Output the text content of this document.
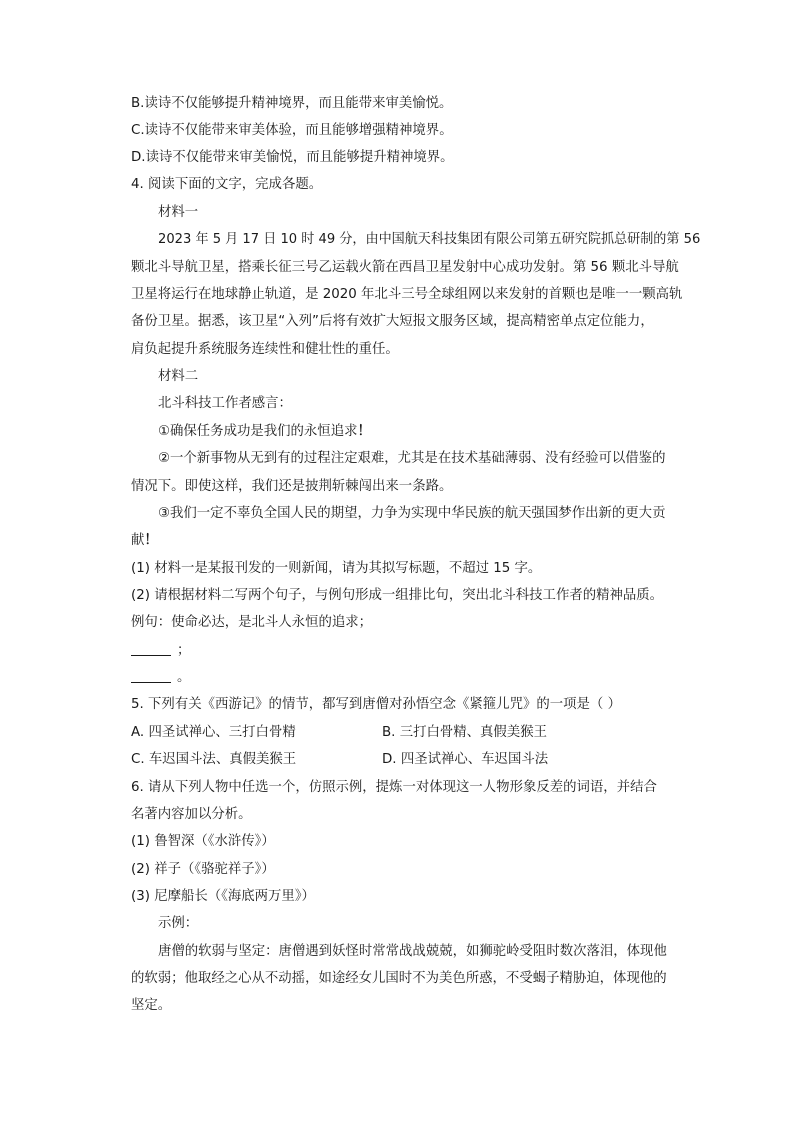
B.读诗不仅能够提升精神境界，而且能带来审美愉悦。
C.读诗不仅能带来审美体验，而且能够增强精神境界。
D.读诗不仅能带来审美愉悦，而且能够提升精神境界。
4. 阅读下面的文字，完成各题。
材料一
2023 年 5 月 17 日 10 时 49 分，由中国航天科技集团有限公司第五研究院抓总研制的第 56
颗北斗导航卫星，搭乘长征三号乙运载火箭在西昌卫星发射中心成功发射。第 56 颗北斗导航
卫星将运行在地球静止轨道，是 2020 年北斗三号全球组网以来发射的首颗也是唯一一颗高轨
备份卫星。据悉，该卫星“入列”后将有效扩大短报文服务区域，提高精密单点定位能力，
肩负起提升系统服务连续性和健壮性的重任。
材料二
北斗科技工作者感言：
①确保任务成功是我们的永恒追求！
②一个新事物从无到有的过程注定艰难，尤其是在技术基础薄弱、没有经验可以借鉴的
情况下。即使这样，我们还是披荆斩棘闯出来一条路。
③我们一定不辜负全国人民的期望，力争为实现中华民族的航天强国梦作出新的更大贡
献！
(1) 材料一是某报刊发的一则新闻，请为其拟写标题，不超过 15 字。
(2) 请根据材料二写两个句子，与例句形成一组排比句，突出北斗科技工作者的精神品质。
例句：使命必达，是北斗人永恒的追求；
；
。
5. 下列有关《西游记》的情节，都写到唐僧对孙悟空念《紧箍儿咒》的一项是（ ）
A. 四圣试禅心、三打白骨精	B. 三打白骨精、真假美猴王
C. 车迟国斗法、真假美猴王	D. 四圣试禅心、车迟国斗法
6. 请从下列人物中任选一个，仿照示例，提炼一对体现这一人物形象反差的词语，并结合
名著内容加以分析。
(1) 鲁智深（《水浒传》）
(2) 祥子（《骆驼祥子》）
(3) 尼摩船长（《海底两万里》）
示例：
唐僧的软弱与坚定：唐僧遇到妖怪时常常战战兢兢，如狮驼岭受阻时数次落泪，体现他
的软弱；他取经之心从不动摇，如途经女儿国时不为美色所惑，不受蝎子精胁迫，体现他的
坚定。
